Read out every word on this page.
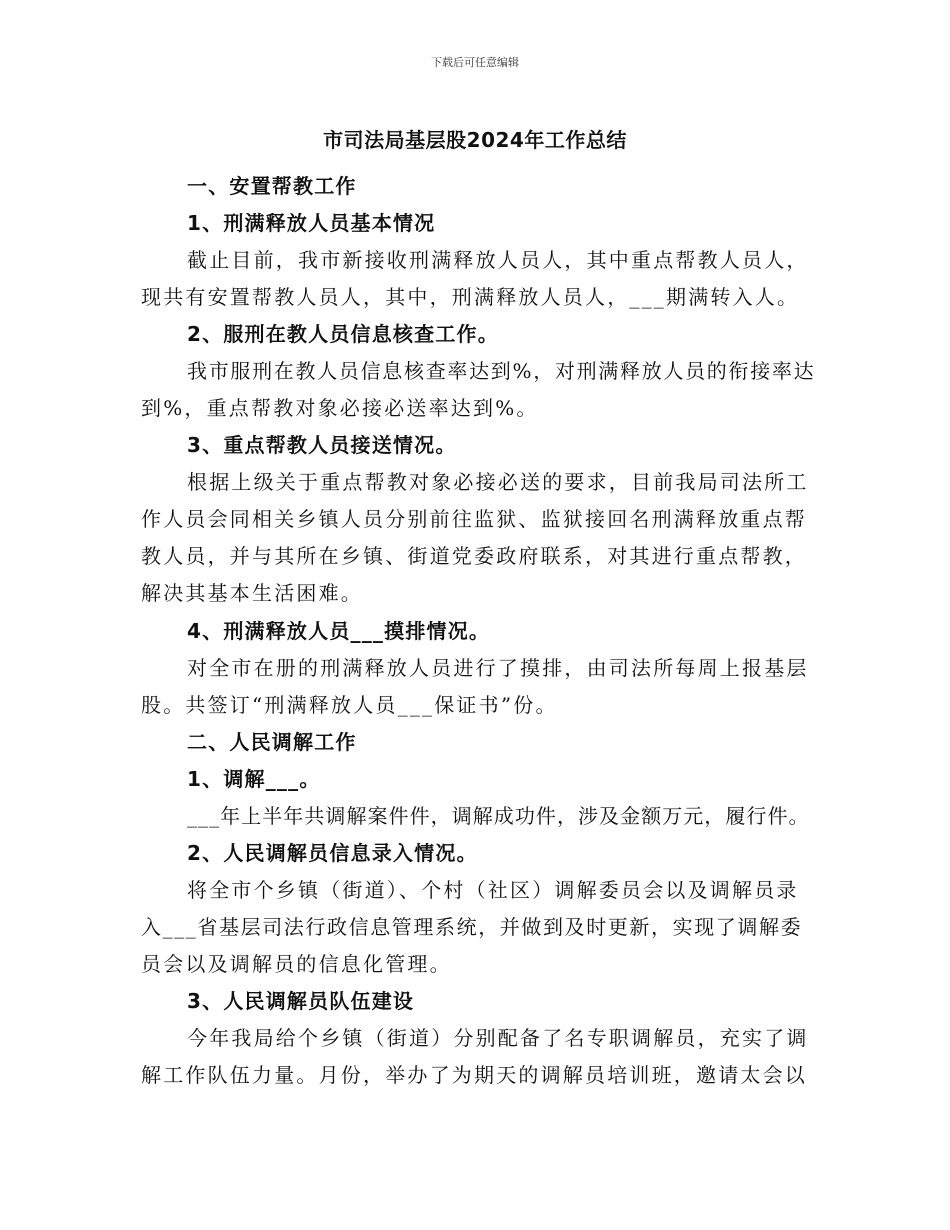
下载后可任意编辑
市司法局基层股2024年工作总结
一、安置帮教工作
1、刑满释放人员基本情况
截止目前，我市新接收刑满释放人员人，其中重点帮教人员人，
现共有安置帮教人员人，其中，刑满释放人员人，___期满转入人。
2、服刑在教人员信息核查工作。
我市服刑在教人员信息核查率达到%，对刑满释放人员的衔接率达
到%，重点帮教对象必接必送率达到%。
3、重点帮教人员接送情况。
根据上级关于重点帮教对象必接必送的要求，目前我局司法所工
作人员会同相关乡镇人员分别前往监狱、监狱接回名刑满释放重点帮
教人员，并与其所在乡镇、街道党委政府联系，对其进行重点帮教，
解决其基本生活困难。
4、刑满释放人员___摸排情况。
对全市在册的刑满释放人员进行了摸排，由司法所每周上报基层
股。共签订“刑满释放人员___保证书”份。
二、人民调解工作
1、调解___。
___年上半年共调解案件件，调解成功件，涉及金额万元，履行件。
2、人民调解员信息录入情况。
将全市个乡镇（街道）、个村（社区）调解委员会以及调解员录
入___省基层司法行政信息管理系统，并做到及时更新，实现了调解委
员会以及调解员的信息化管理。
3、人民调解员队伍建设
今年我局给个乡镇（街道）分别配备了名专职调解员，充实了调
解工作队伍力量。月份，举办了为期天的调解员培训班，邀请太会以
